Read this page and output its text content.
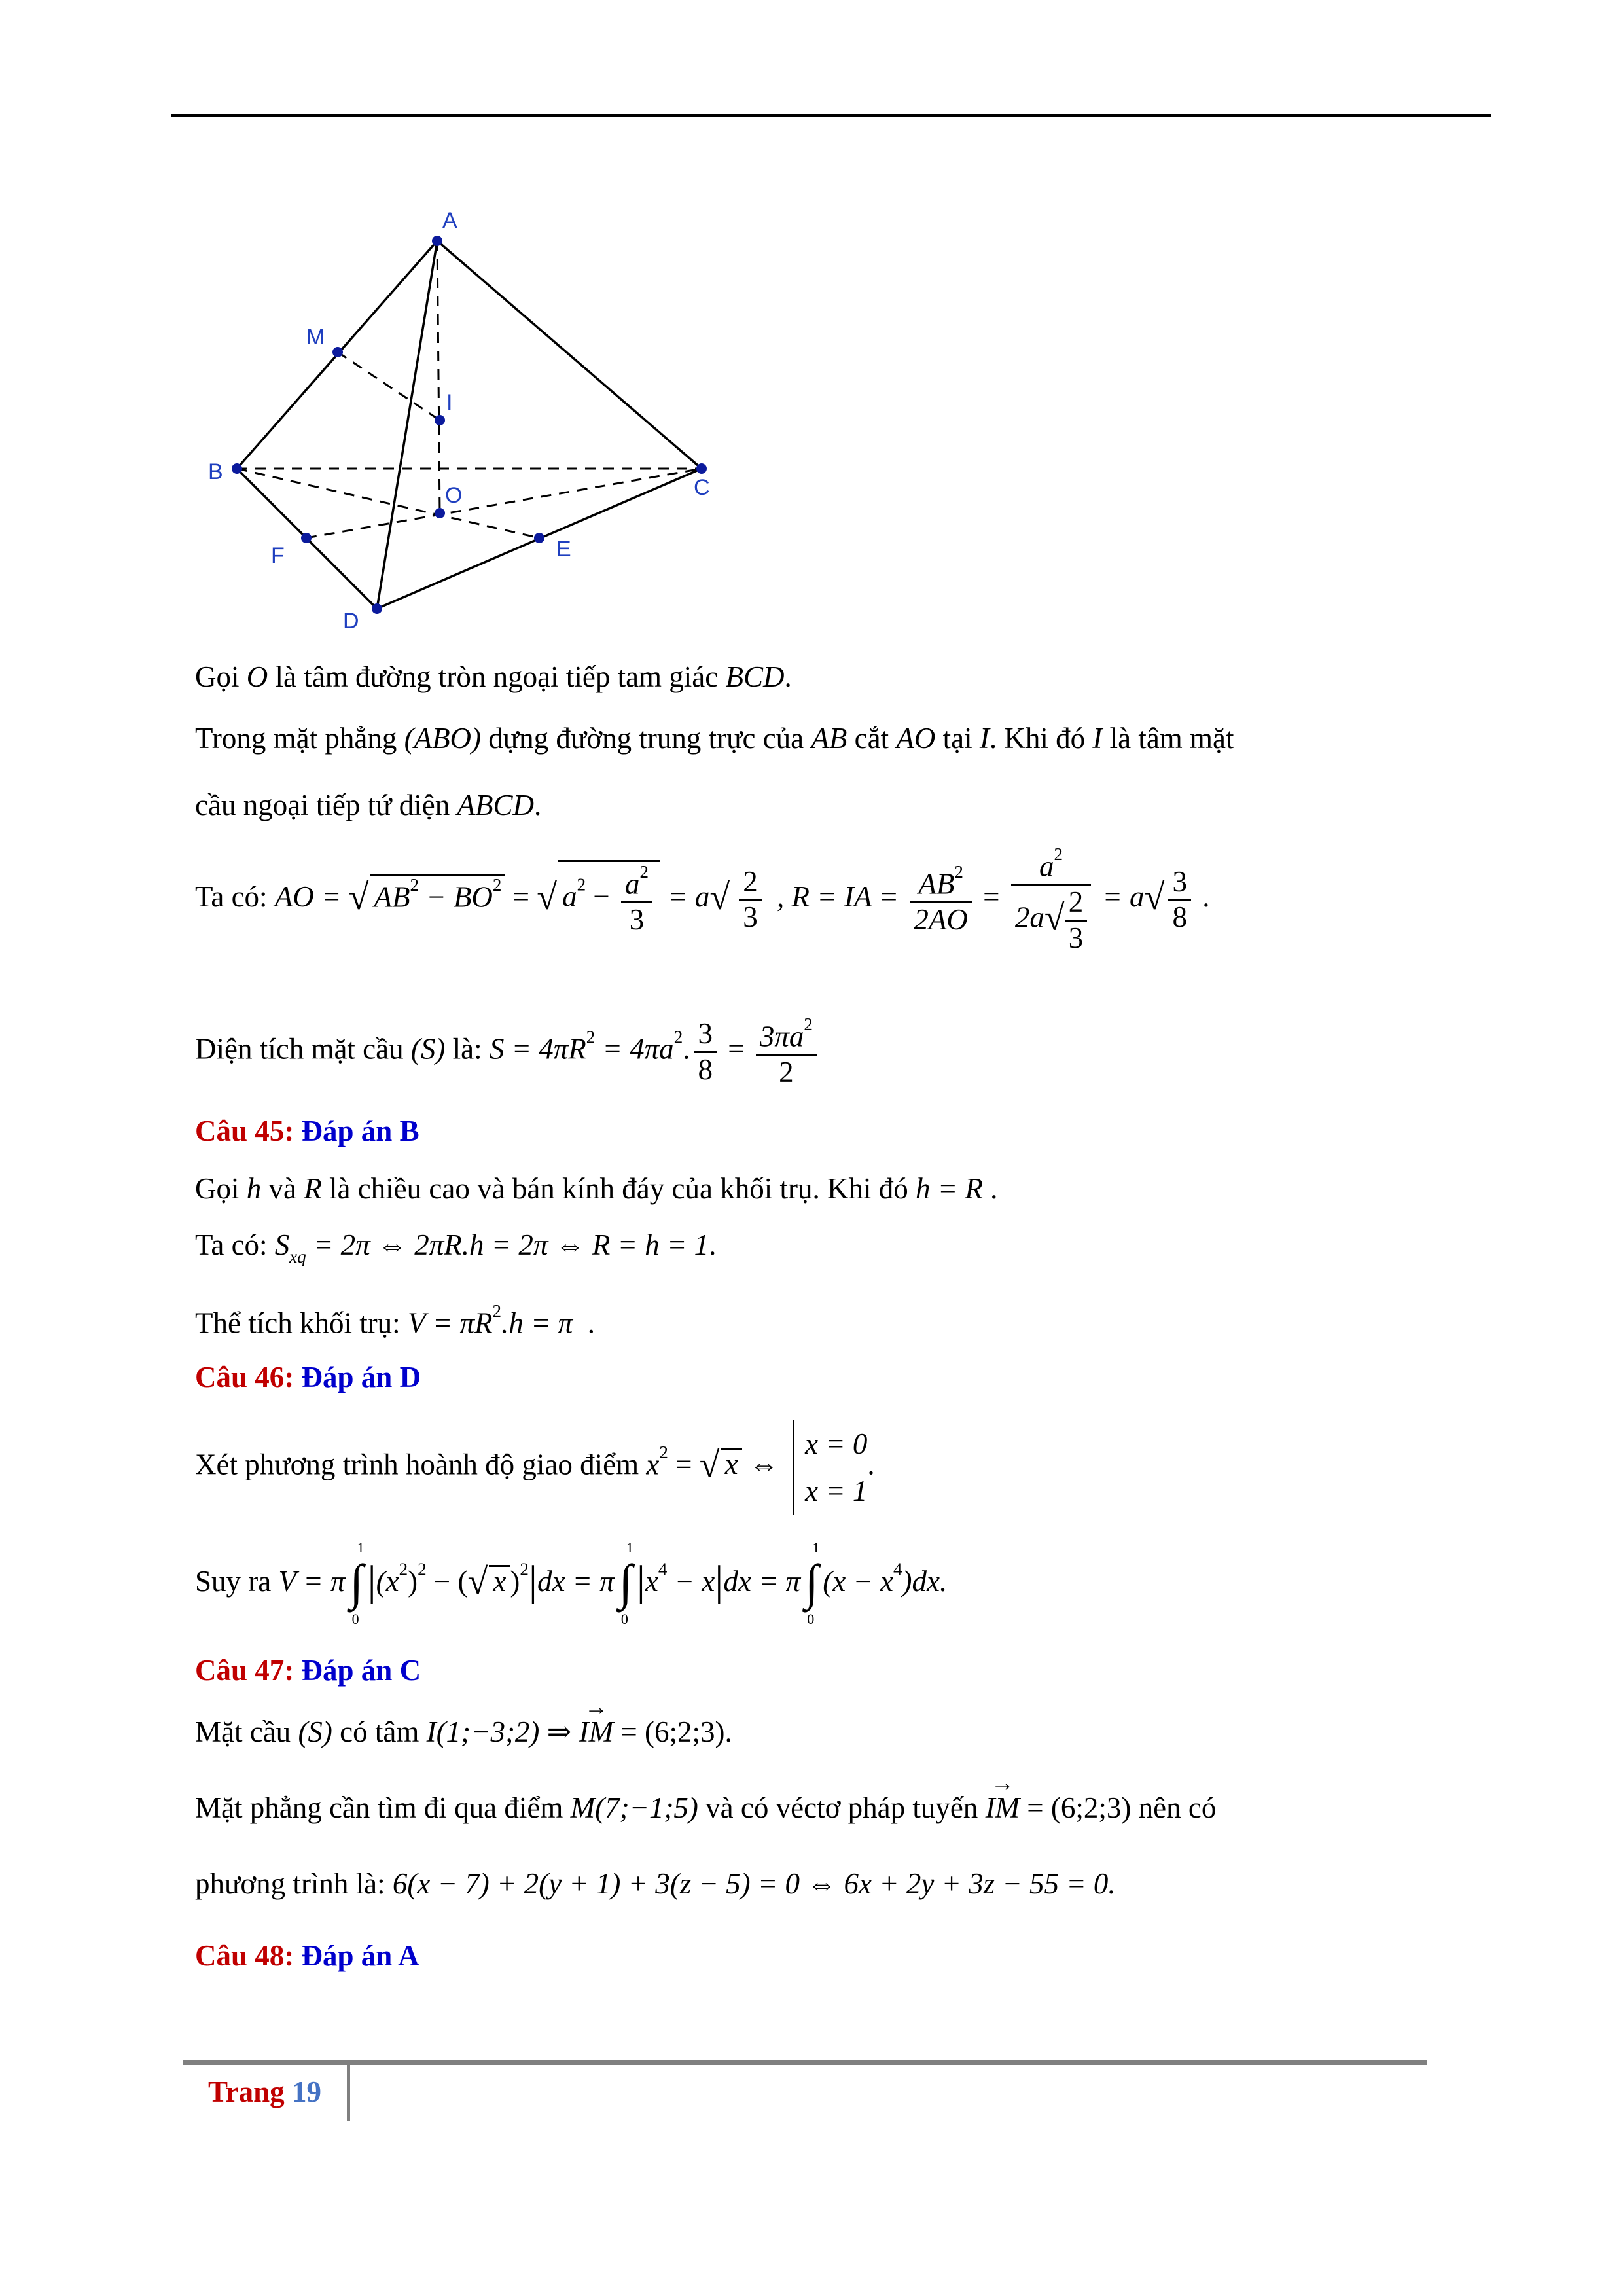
A
M
I
B
C
O
F	E
D
Gọi O là tâm đường tròn ngoại tiếp tam giác BCD.
Trong mặt phẳng (ABO) dựng đường trung trực của AB cắt AO tại I. Khi đó I là tâm mặt
cầu ngoại tiếp tứ diện ABCD.
Ta có: AO = √ $AB^2 - BO^2$ = √ $a^2 - \frac{a^2}{3} = a√ \frac{2}{3}$ , R = IA = $\frac{AB^2}{2AO} = \frac{a^2}{2a√ \frac{2}{3}} = a√ \frac{3}{8}$ .
Diện tích mặt cầu (S) là: $S = 4\pi R^2 = 4\pi a^2$. $\frac{3}{8} = \frac{3\pi a^2}{2}$
Câu 45: Đáp án B
Gọi h và R là chiều cao và bán kính đáy của khối trụ. Khi đó h = R .
Ta có: $S_{xq} = 2\pi$ ⇔ 2πR.h = 2π ⇔ R = h = 1.
Thể tích khối trụ: $V = \pi R^2.h = \pi$ .
Câu 46: Đáp án D
Xét phương trình hoành độ giao điểm $x^2$ = √ x ⇔
x = 0
x = 1
.
Suy ra V = π∫
1
0
$|(x^2)^2$ − (√ x )$^2$|dx = π∫
1
0
$|x^4 - x|dx = \pi\int$
1
0
$(x - x^4)dx$.
Câu 47: Đáp án C
Mặt cầu (S) có tâm I(1;−3;2) ⇒ → IM = (6;2;3).
Mặt phẳng cần tìm đi qua điểm M(7;−1;5) và có véctơ pháp tuyến → IM = (6;2;3) nên có
phương trình là: 6(x − 7) + 2(y + 1) + 3(z − 5) = 0 ⇔ 6x + 2y + 3z − 55 = 0.
Câu 48: Đáp án A
Trang 19
